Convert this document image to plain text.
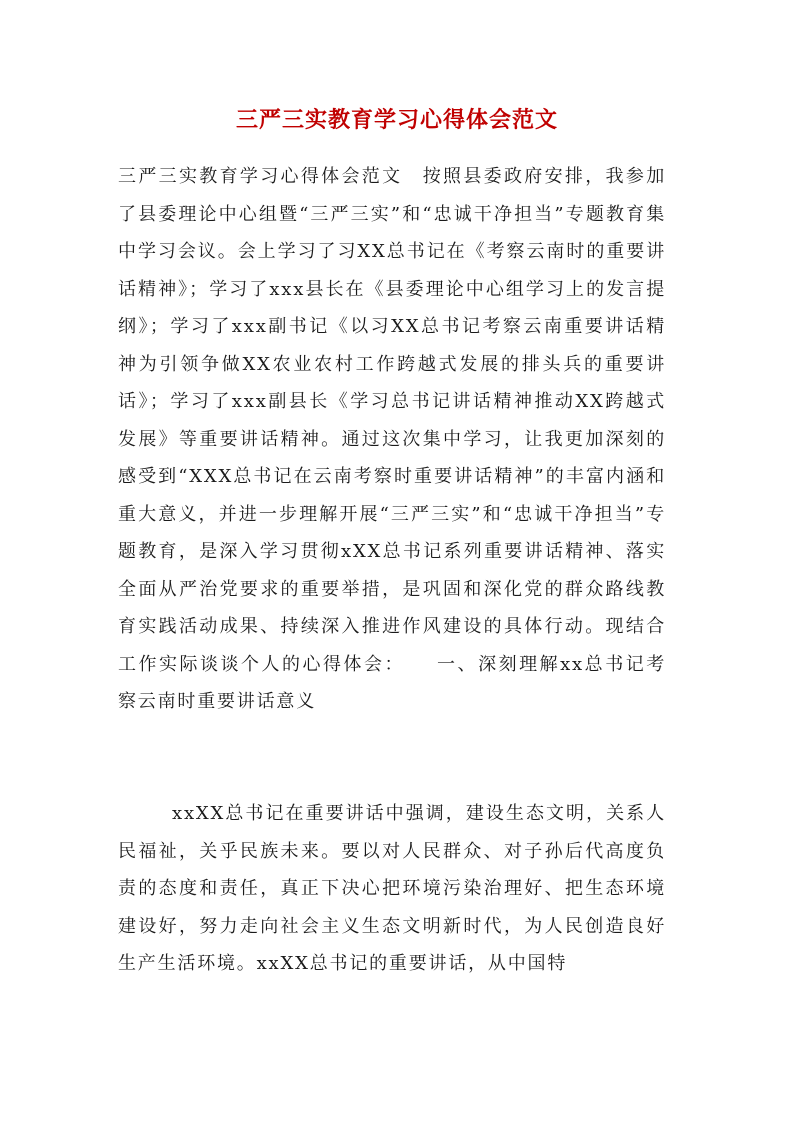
三严三实教育学习心得体会范文

三严三实教育学习心得体会范文　按照县委政府安排，我参加了县委理论中心组暨“三严三实”和“忠诚干净担当”专题教育集中学习会议。会上学习了习XX总书记在《考察云南时的重要讲话精神》；学习了xxx县长在《县委理论中心组学习上的发言提纲》；学习了xxx副书记《以习XX总书记考察云南重要讲话精神为引领争做XX农业农村工作跨越式发展的排头兵的重要讲话》；学习了xxx副县长《学习总书记讲话精神推动XX跨越式发展》等重要讲话精神。通过这次集中学习，让我更加深刻的感受到“XXX总书记在云南考察时重要讲话精神”的丰富内涵和重大意义，并进一步理解开展“三严三实”和“忠诚干净担当”专题教育，是深入学习贯彻xXX总书记系列重要讲话精神、落实全面从严治党要求的重要举措，是巩固和深化党的群众路线教育实践活动成果、持续深入推进作风建设的具体行动。现结合工作实际谈谈个人的心得体会：　　一、深刻理解xx总书记考察云南时重要讲话意义

xxXX总书记在重要讲话中强调，建设生态文明，关系人民福祉，关乎民族未来。要以对人民群众、对子孙后代高度负责的态度和责任，真正下决心把环境污染治理好、把生态环境建设好，努力走向社会主义生态文明新时代，为人民创造良好生产生活环境。xxXX总书记的重要讲话，从中国特
